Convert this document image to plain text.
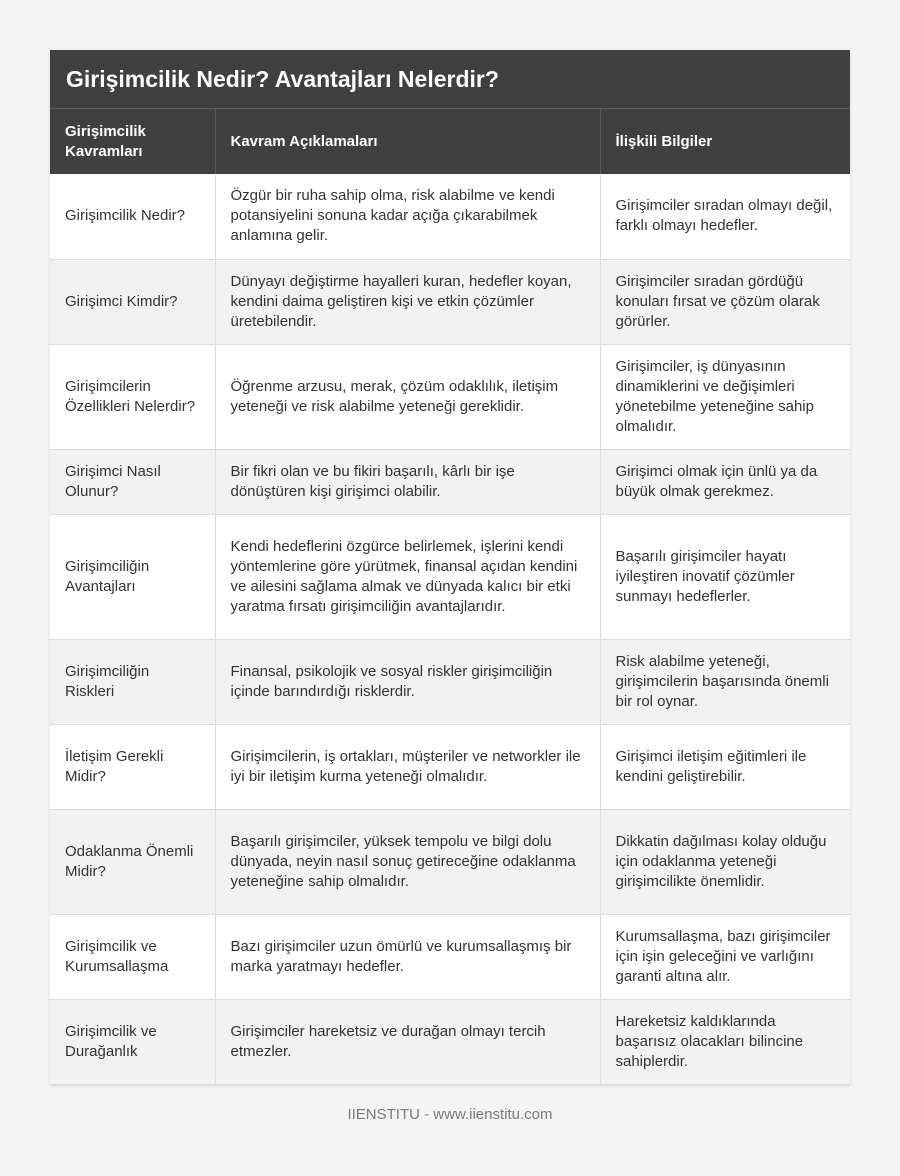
Girişimcilik Nedir? Avantajları Nelerdir?
Girişimcilik Kavramları	Kavram Açıklamaları	İlişkili Bilgiler
Girişimcilik Nedir?	Özgür bir ruha sahip olma, risk alabilme ve kendi potansiyelini sonuna kadar açığa çıkarabilmek anlamına gelir.	Girişimciler sıradan olmayı değil, farklı olmayı hedefler.
Girişimci Kimdir?	Dünyayı değiştirme hayalleri kuran, hedefler koyan, kendini daima geliştiren kişi ve etkin çözümler üretebilendir.	Girişimciler sıradan gördüğü konuları fırsat ve çözüm olarak görürler.
Girişimcilerin Özellikleri Nelerdir?	Öğrenme arzusu, merak, çözüm odaklılık, iletişim yeteneği ve risk alabilme yeteneği gereklidir.	Girişimciler, iş dünyasının dinamiklerini ve değişimleri yönetebilme yeteneğine sahip olmalıdır.
Girişimci Nasıl Olunur?	Bir fikri olan ve bu fikiri başarılı, kârlı bir işe dönüştüren kişi girişimci olabilir.	Girişimci olmak için ünlü ya da büyük olmak gerekmez.
Girişimciliğin Avantajları	Kendi hedeflerini özgürce belirlemek, işlerini kendi yöntemlerine göre yürütmek, finansal açıdan kendini ve ailesini sağlama almak ve dünyada kalıcı bir etki yaratma fırsatı girişimciliğin avantajlarıdır.	Başarılı girişimciler hayatı iyileştiren inovatif çözümler sunmayı hedeflerler.
Girişimciliğin Riskleri	Finansal, psikolojik ve sosyal riskler girişimciliğin içinde barındırdığı risklerdir.	Risk alabilme yeteneği, girişimcilerin başarısında önemli bir rol oynar.
İletişim Gerekli Midir?	Girişimcilerin, iş ortakları, müşteriler ve networkler ile iyi bir iletişim kurma yeteneği olmalıdır.	Girişimci iletişim eğitimleri ile kendini geliştirebilir.
Odaklanma Önemli Midir?	Başarılı girişimciler, yüksek tempolu ve bilgi dolu dünyada, neyin nasıl sonuç getireceğine odaklanma yeteneğine sahip olmalıdır.	Dikkatin dağılması kolay olduğu için odaklanma yeteneği girişimcilikte önemlidir.
Girişimcilik ve Kurumsallaşma	Bazı girişimciler uzun ömürlü ve kurumsallaşmış bir marka yaratmayı hedefler.	Kurumsallaşma, bazı girişimciler için işin geleceğini ve varlığını garanti altına alır.
Girişimcilik ve Durağanlık	Girişimciler hareketsiz ve durağan olmayı tercih etmezler.	Hareketsiz kaldıklarında başarısız olacakları bilincine sahiplerdir.
IIENSTITU - www.iienstitu.com
